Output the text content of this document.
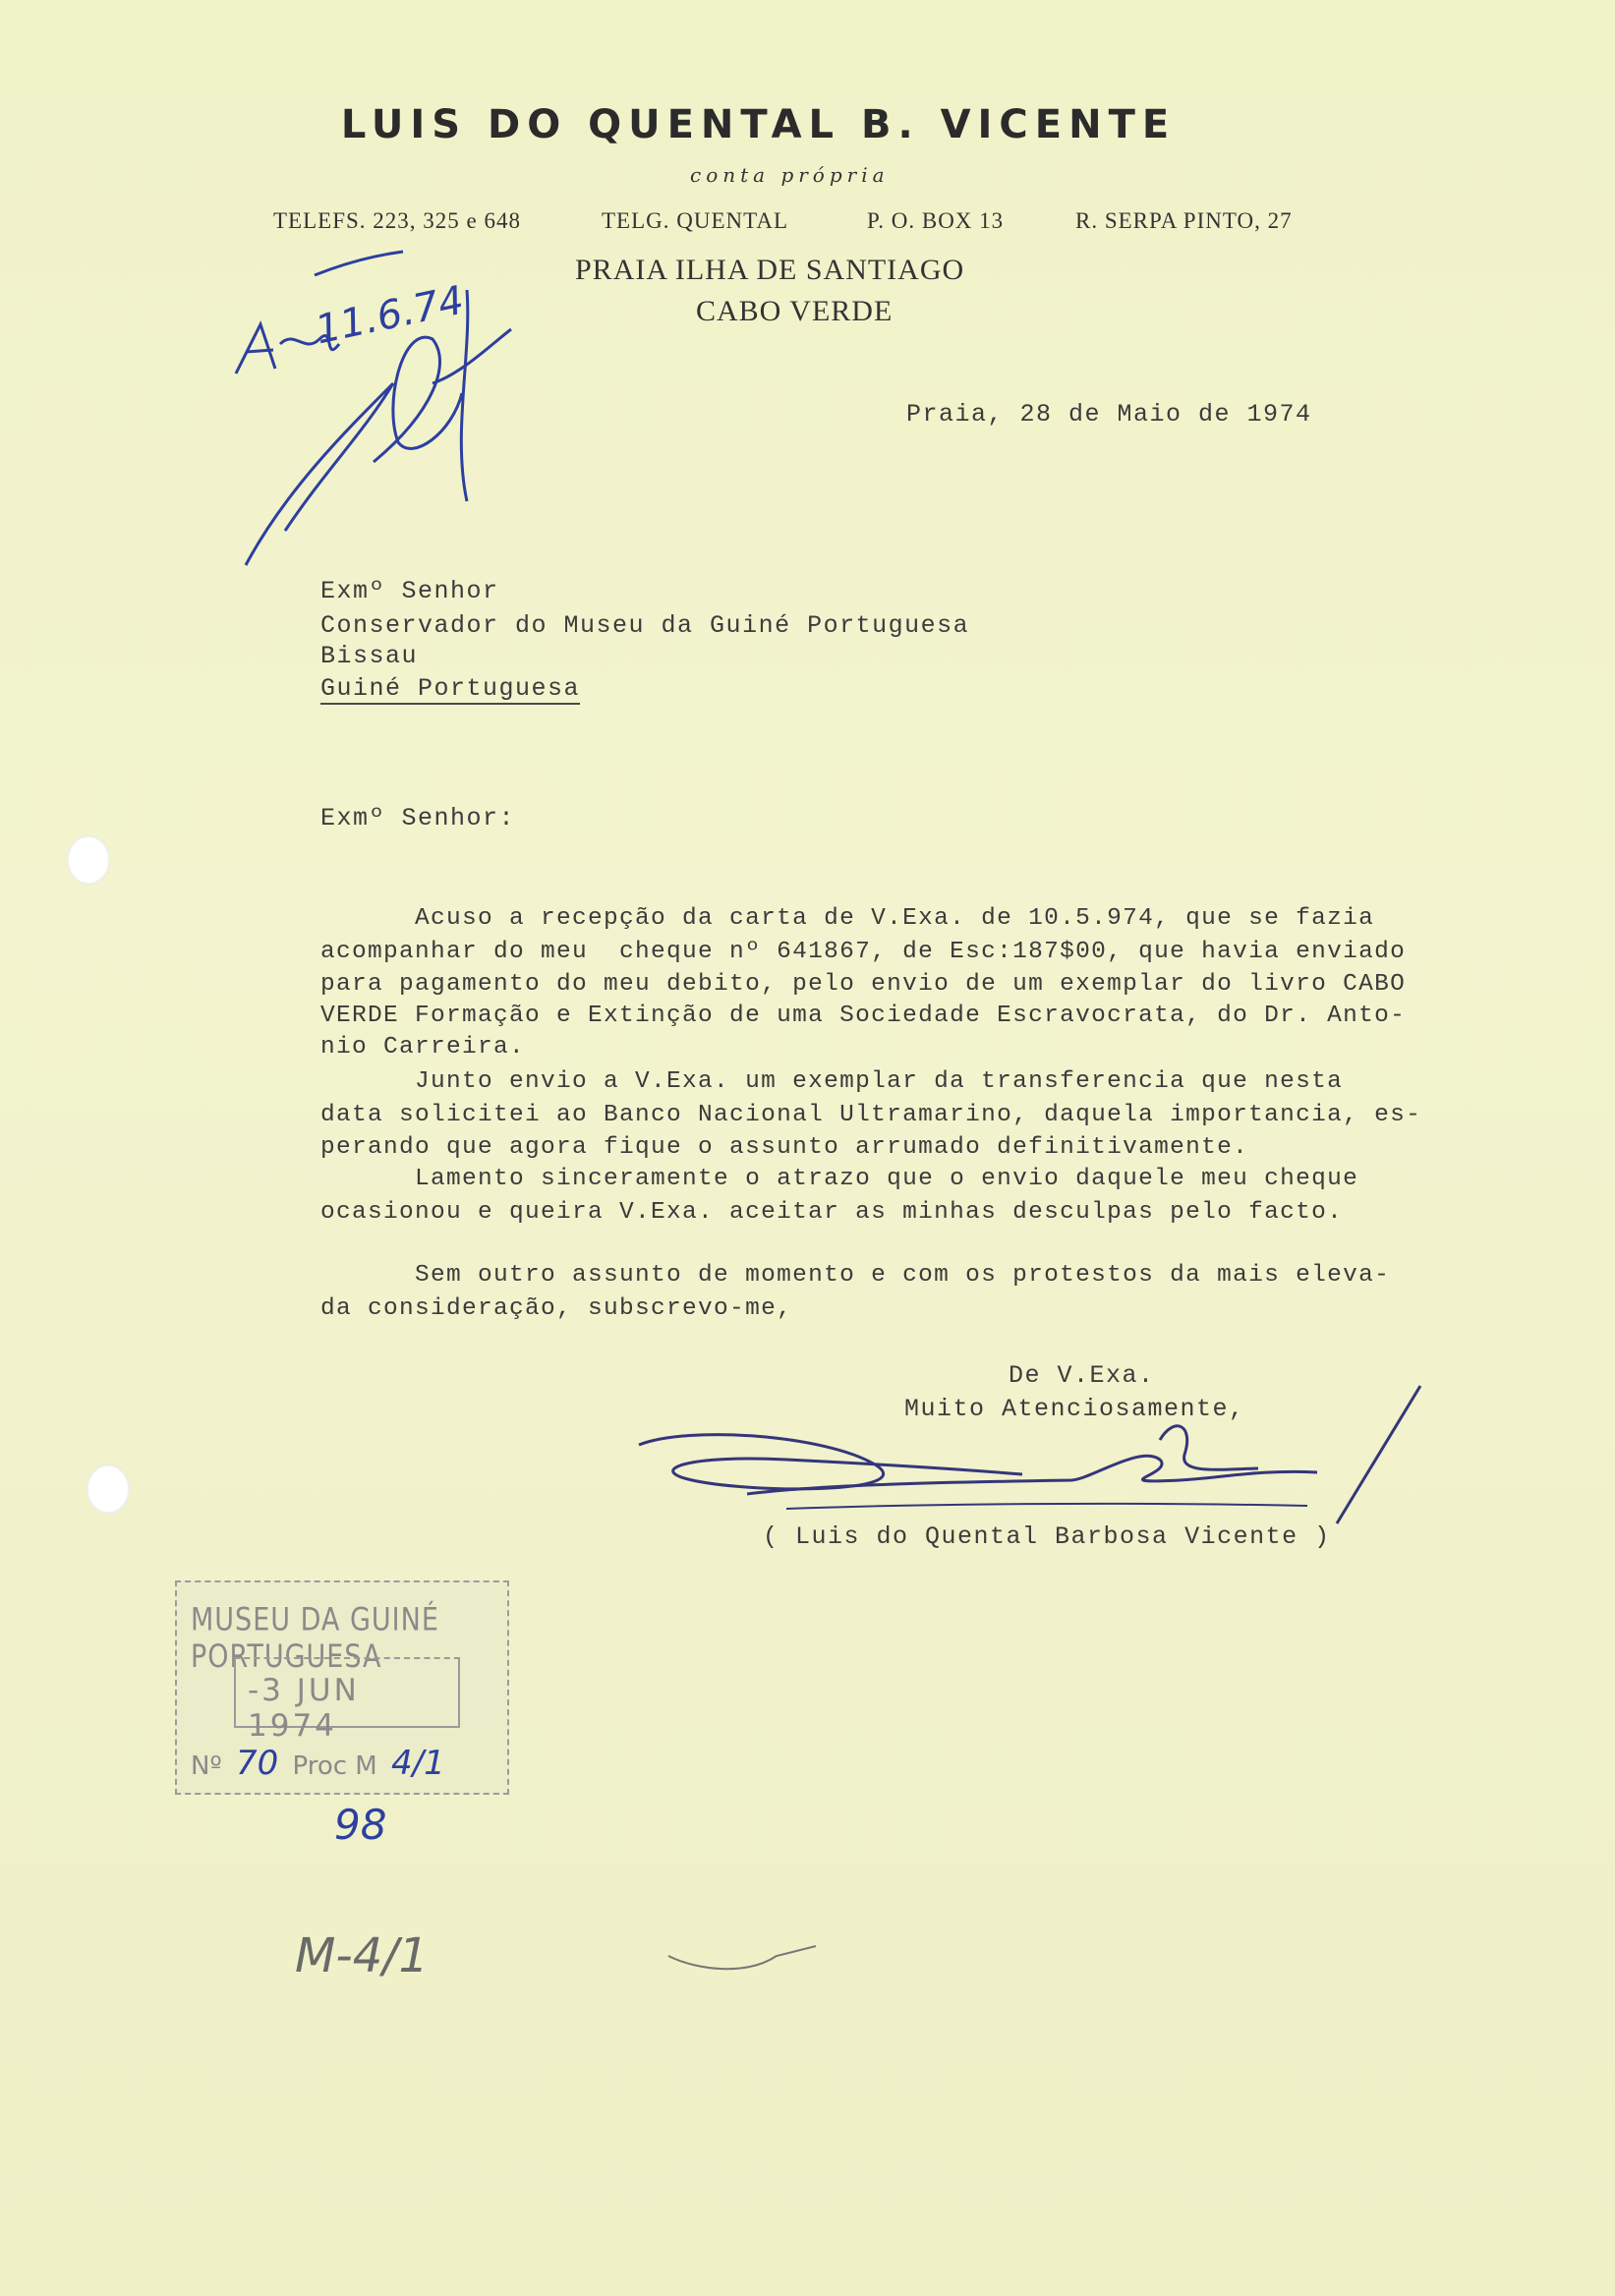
LUIS DO QUENTAL B. VICENTE
conta própria
TELEFS. 223, 325 e 648	TELG. QUENTAL	P. O. BOX 13	R. SERPA PINTO, 27
PRAIA ILHA DE SANTIAGO
CABO VERDE
Praia, 28 de Maio de 1974
Exmº Senhor
Conservador do Museu da Guiné Portuguesa
Bissau
Guiné Portuguesa
Exmº Senhor:
Acuso a recepção da carta de V.Exa. de 10.5.974, que se fazia
acompanhar do meu  cheque nº 641867, de Esc:187$00, que havia enviado
para pagamento do meu debito, pelo envio de um exemplar do livro CABO
VERDE Formação e Extinção de uma Sociedade Escravocrata, do Dr. Anto-
nio Carreira.
Junto envio a V.Exa. um exemplar da transferencia que nesta
data solicitei ao Banco Nacional Ultramarino, daquela importancia, es-
perando que agora fique o assunto arrumado definitivamente.
Lamento sinceramente o atrazo que o envio daquele meu cheque
ocasionou e queira V.Exa. aceitar as minhas desculpas pelo facto.
Sem outro assunto de momento e com os protestos da mais eleva-
da consideração, subscrevo-me,
De V.Exa.
Muito Atenciosamente,
( Luis do Quental Barbosa Vicente )
11.6.74
MUSEU DA GUINÉ PORTUGUESA
-3 JUN 1974
Nº 70 Proc M 4/1
98
M-4/1
